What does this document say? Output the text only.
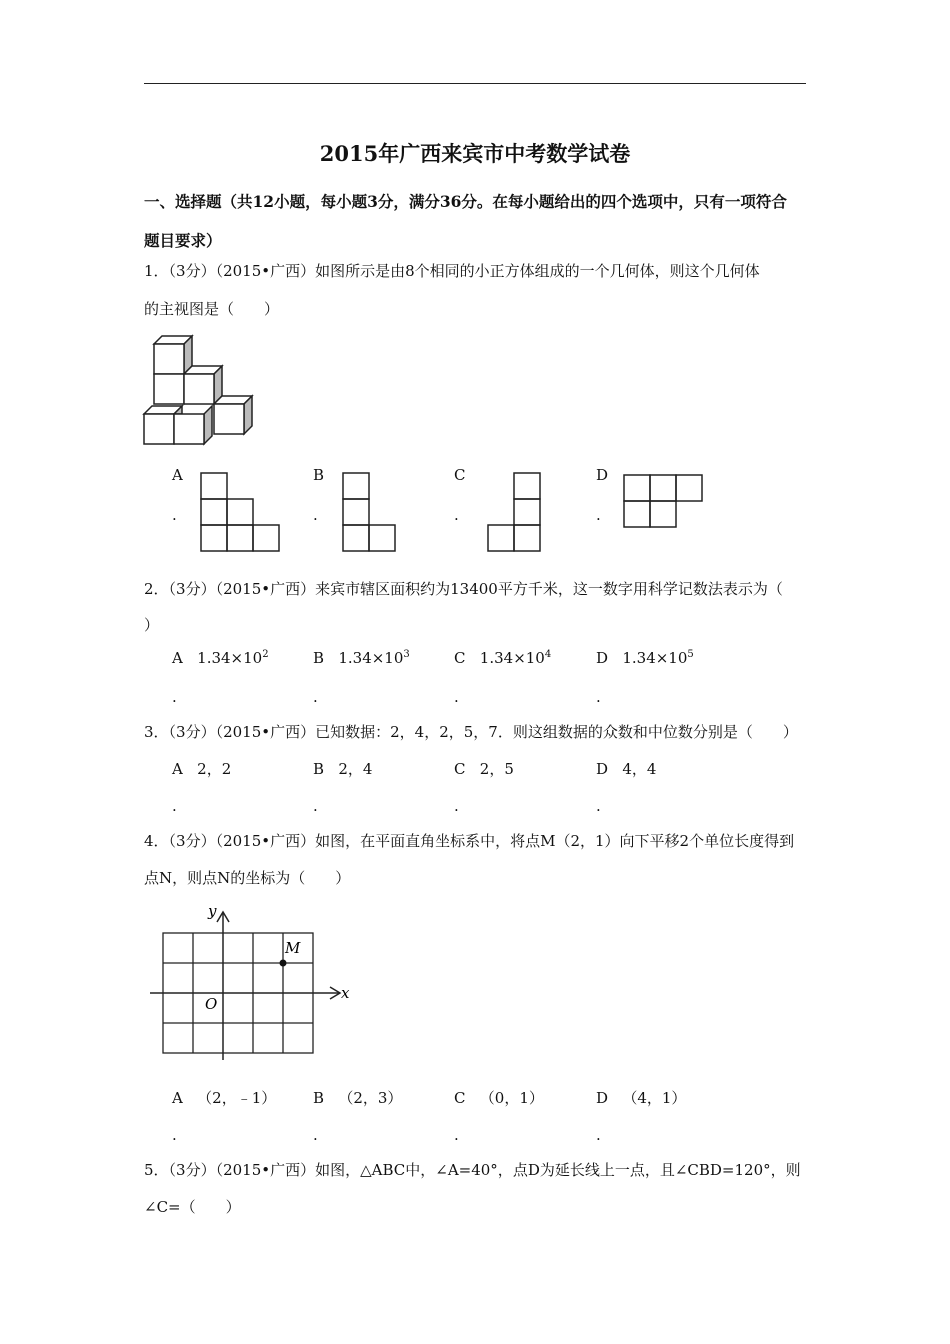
2015年广西来宾市中考数学试卷
一、选择题（共12小题，每小题3分，满分36分。在每小题给出的四个选项中，只有一项符合
题目要求）
1．（3分）（2015•广西）如图所示是由8个相同的小正方体组成的一个几何体，则这个几何体
的主视图是（　　）
A
.
B
.
C
.
D
.
2．（3分）（2015•广西）来宾市辖区面积约为13400平方千米，这一数字用科学记数法表示为（
）
A $1.34\times 10^2$
.
B $1.34\times 10^3$
.
C $1.34\times 10^4$
.
D $1.34\times 10^5$
.
3．（3分）（2015•广西）已知数据：2，4，2，5，7．则这组数据的众数和中位数分别是（　　）
A 2，2
.
B 2，4
.
C 2，5
.
D 4，4
.
4．（3分）（2015•广西）如图，在平面直角坐标系中，将点M（2，1）向下平移2个单位长度得到
点N，则点N的坐标为（　　）
y
x
O
M
A （2，﹣1）
.
B （2，3）
.
C （0，1）
.
D （4，1）
.
5．（3分）（2015•广西）如图，△ABC中，∠A=40°，点D为延长线上一点，且∠CBD=120°，则
∠C=（　　）
